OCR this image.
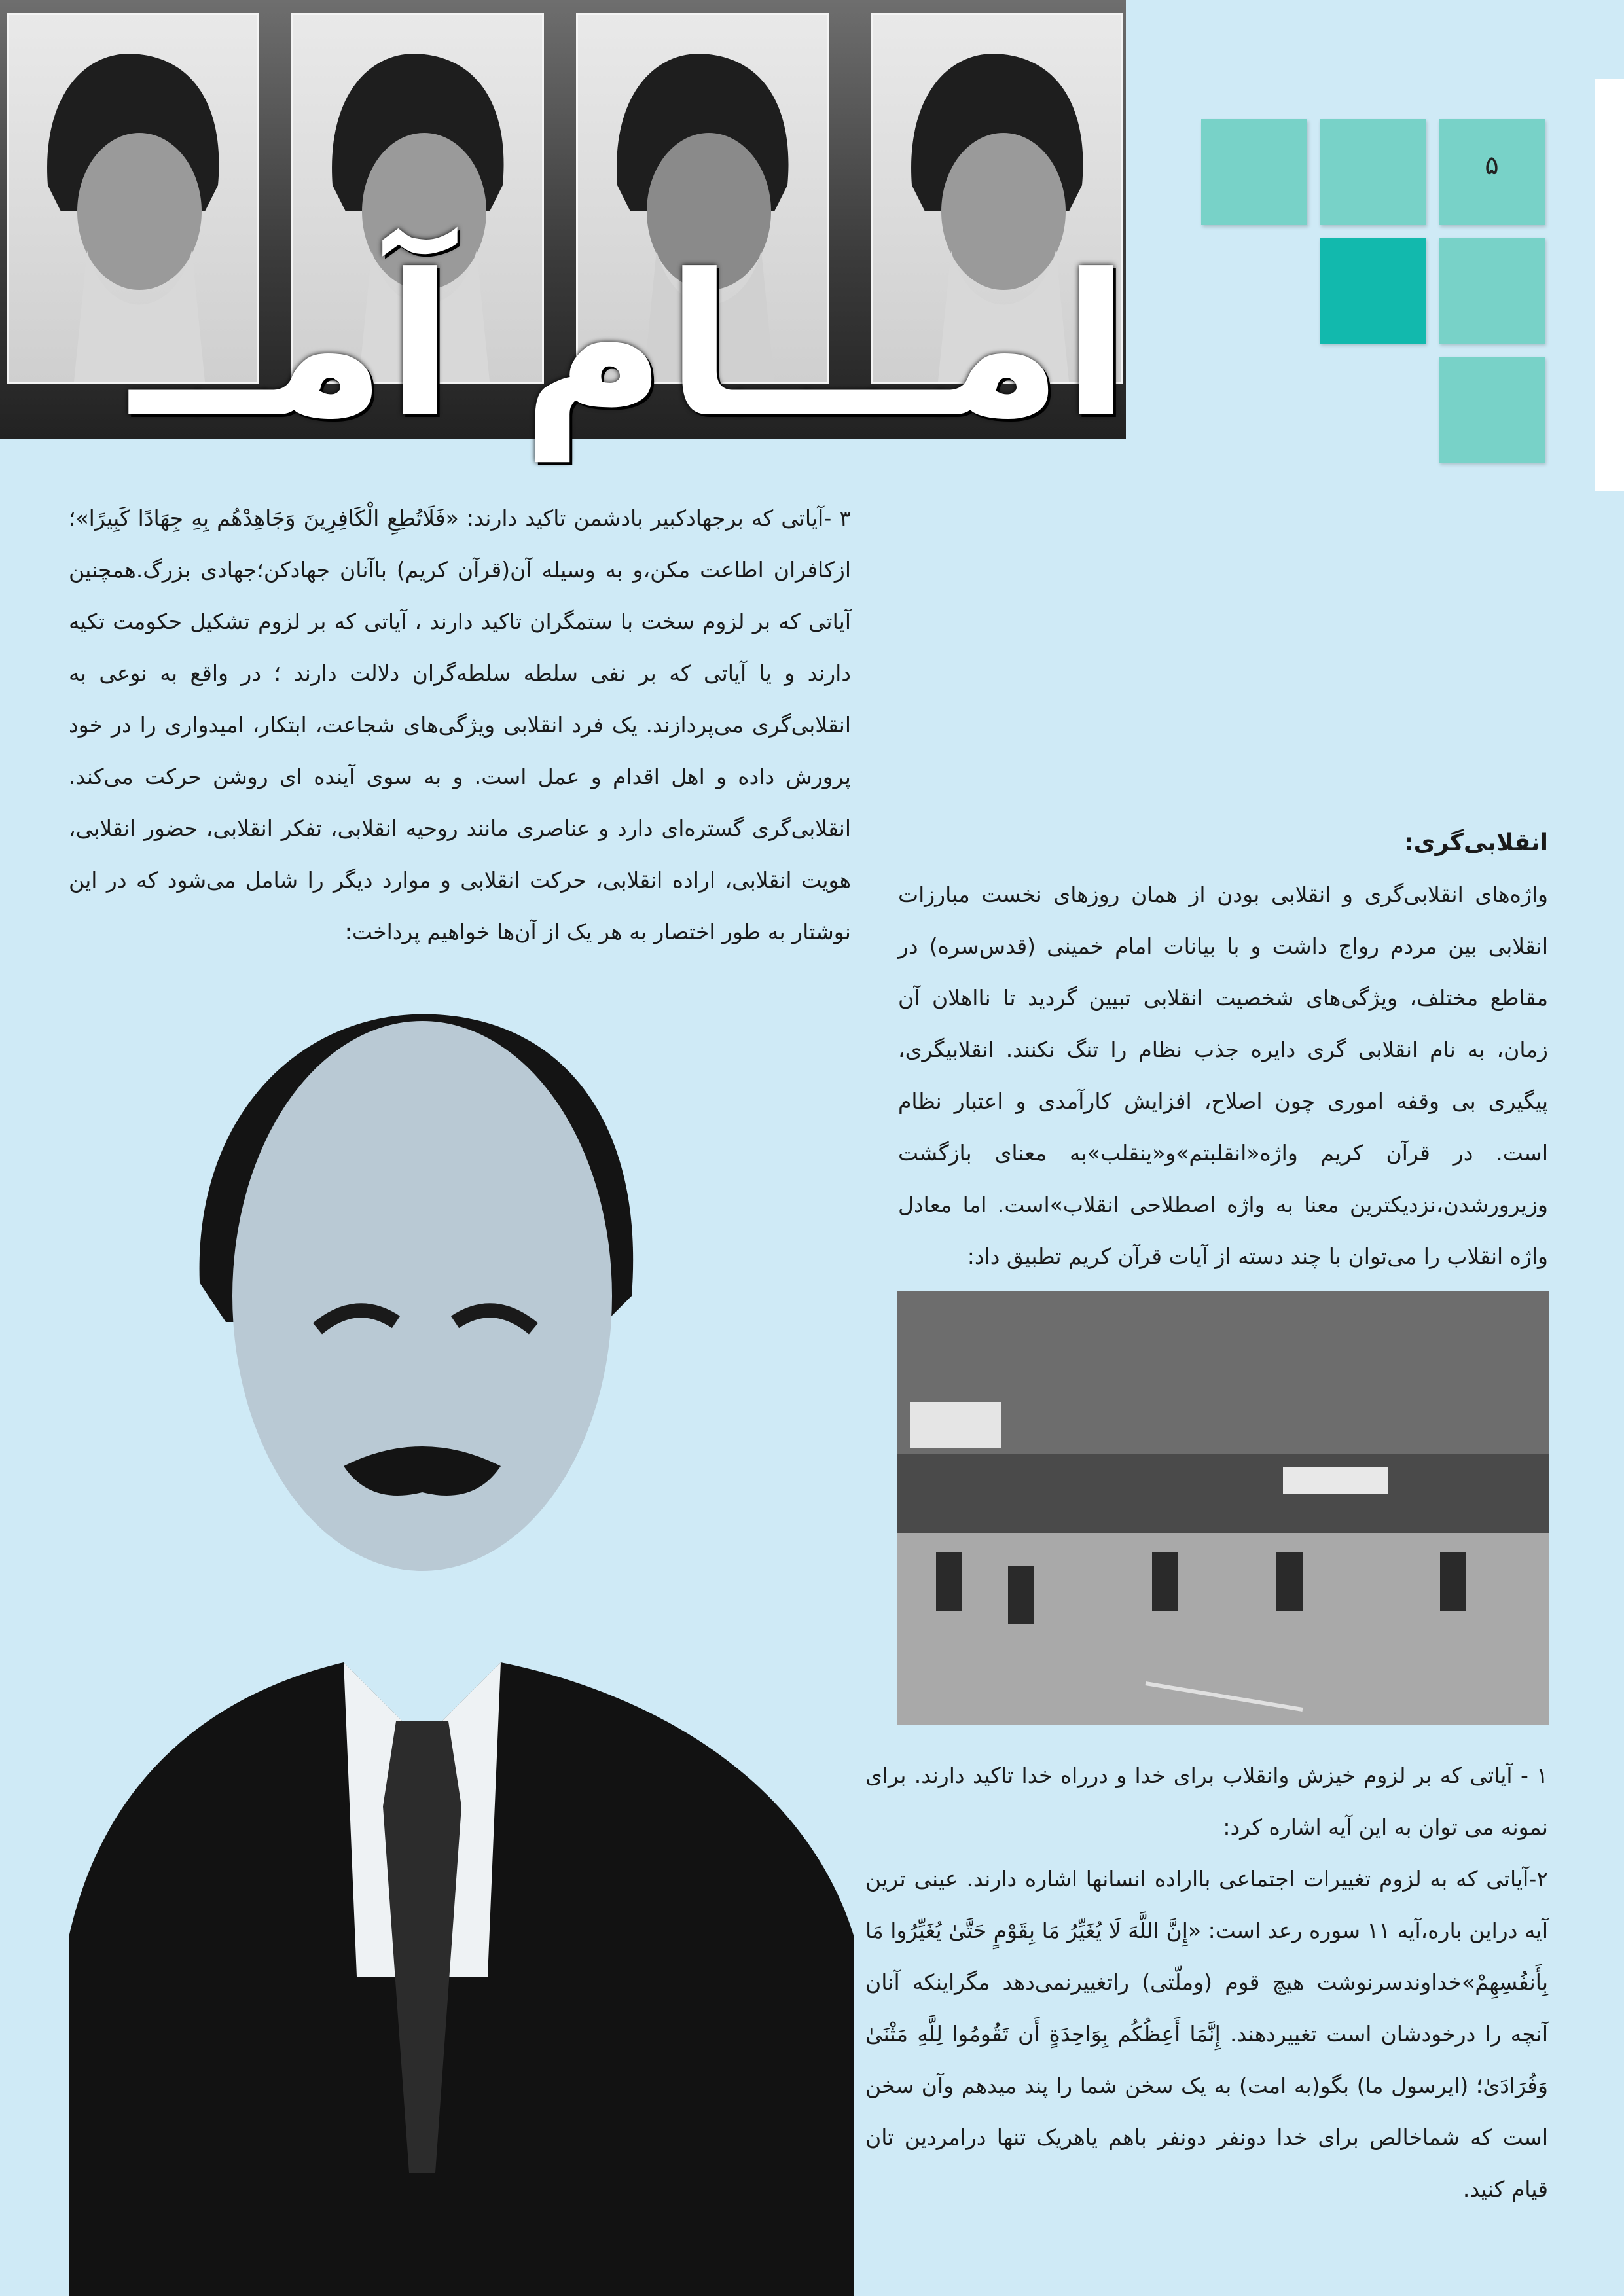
امـــام آمــ
۵

۳ -آیاتی که برجهادکبیر بادشمن تاکید دارند: «فَلَاتُطِعِ الْکَافِرِینَ وَجَاهِدْهُم بِهِ جِهَادًا کَبِیرًا»؛ ازکافران اطاعت مکن،و به وسیله آن(قرآن کریم) باآنان جهادکن؛جهادی بزرگ.همچنین آیاتی که بر لزوم سخت با ستمگران تاکید دارند ، آیاتی که بر لزوم تشکیل حکومت تکیه دارند و یا آیاتی که بر نفی سلطه سلطه‌گران دلالت دارند ؛ در واقع به نوعی به انقلابی‌گری می‌پردازند. یک فرد انقلابی ویژگی‌های شجاعت، ابتکار، امیدواری را در خود پرورش داده و اهل اقدام و عمل است. و به سوی آینده ای روشن حرکت می‌کند. انقلابی‌گری گستره‌ای دارد و عناصری مانند روحیه انقلابی، تفکر انقلابی، حضور انقلابی، هویت انقلابی، اراده انقلابی، حرکت انقلابی و موارد دیگر را شامل می‌شود که در این نوشتار به طور اختصار به هر یک از آن‌ها خواهیم پرداخت:

انقلابی‌گری:

واژه‌های انقلابی‌گری و انقلابی بودن از همان روزهای نخست مبارزات انقلابی بین مردم رواج داشت و با بیانات امام خمینی (قدس‌سره) در مقاطع مختلف، ویژگی‌های شخصیت انقلابی تبیین گردید تا نااهلان آن زمان، به نام انقلابی گری دایره جذب نظام را تنگ نکنند. انقلابیگری، پیگیری بی وقفه اموری چون اصلاح، افزایش کارآمدی و اعتبار نظام است. در قرآن کریم واژه«انقلبتم»و«ینقلب»به معنای بازگشت وزیرورشدن،نزدیکترین معنا به واژه اصطلاحی انقلاب»است. اما معادل واژه انقلاب را می‌توان با چند دسته از آیات قرآن کریم تطبیق داد:

۱ - آیاتی که بر لزوم خیزش وانقلاب برای خدا و درراه خدا تاکید دارند. برای نمونه می توان به این آیه اشاره کرد:

۲-آیاتی که به لزوم تغییرات اجتماعی بااراده انسانها اشاره دارند. عینی ترین آیه دراین باره،آیه ۱۱ سوره رعد است: «إِنَّ اللَّهَ لَا یُغَیِّرُ مَا بِقَوْمٍ حَتَّىٰ یُغَیِّرُوا مَا بِأَنفُسِهِمْ»خداوندسرنوشت هیچ قوم (وملّتی) راتغییرنمی‌دهد مگراینکه آنان آنچه را درخودشان است تغییردهند. إِنَّمَا أَعِظُکُم بِوَاحِدَةٍ أَن تَقُومُوا لِلَّهِ مَثْنَىٰ وَفُرَادَىٰ؛ (ایرسول ما) بگو(به امت) به یک سخن شما را پند میدهم وآن سخن است که شماخالص برای خدا دونفر دونفر باهم یاهریک تنها درامردین تان قیام کنید.
